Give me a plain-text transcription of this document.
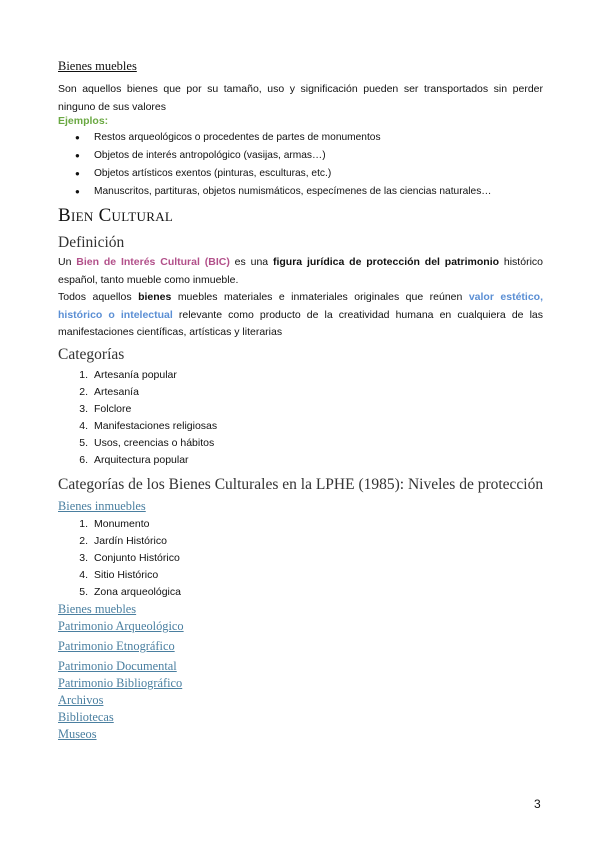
Bienes muebles
Son aquellos bienes que por su tamaño, uso y significación pueden ser transportados sin perder ninguno de sus valores
Ejemplos:
● Restos arqueológicos o procedentes de partes de monumentos
● Objetos de interés antropológico (vasijas, armas…)
● Objetos artísticos exentos (pinturas, esculturas, etc.)
● Manuscritos, partituras, objetos numismáticos, especímenes de las ciencias naturales…
Bien Cultural
Definición
Un Bien de Interés Cultural (BIC) es una figura jurídica de protección del patrimonio histórico español, tanto mueble como inmueble.
Todos aquellos bienes muebles materiales e inmateriales originales que reúnen valor estético, histórico o intelectual relevante como producto de la creatividad humana en cualquiera de las manifestaciones científicas, artísticas y literarias
Categorías
1. Artesanía popular
2. Artesanía
3. Folclore
4. Manifestaciones religiosas
5. Usos, creencias o hábitos
6. Arquitectura popular
Categorías de los Bienes Culturales en la LPHE (1985): Niveles de protección
Bienes inmuebles
1. Monumento
2. Jardín Histórico
3. Conjunto Histórico
4. Sitio Histórico
5. Zona arqueológica
Bienes muebles
Patrimonio Arqueológico
Patrimonio Etnográfico
Patrimonio Documental
Patrimonio Bibliográfico
Archivos
Bibliotecas
Museos
3
